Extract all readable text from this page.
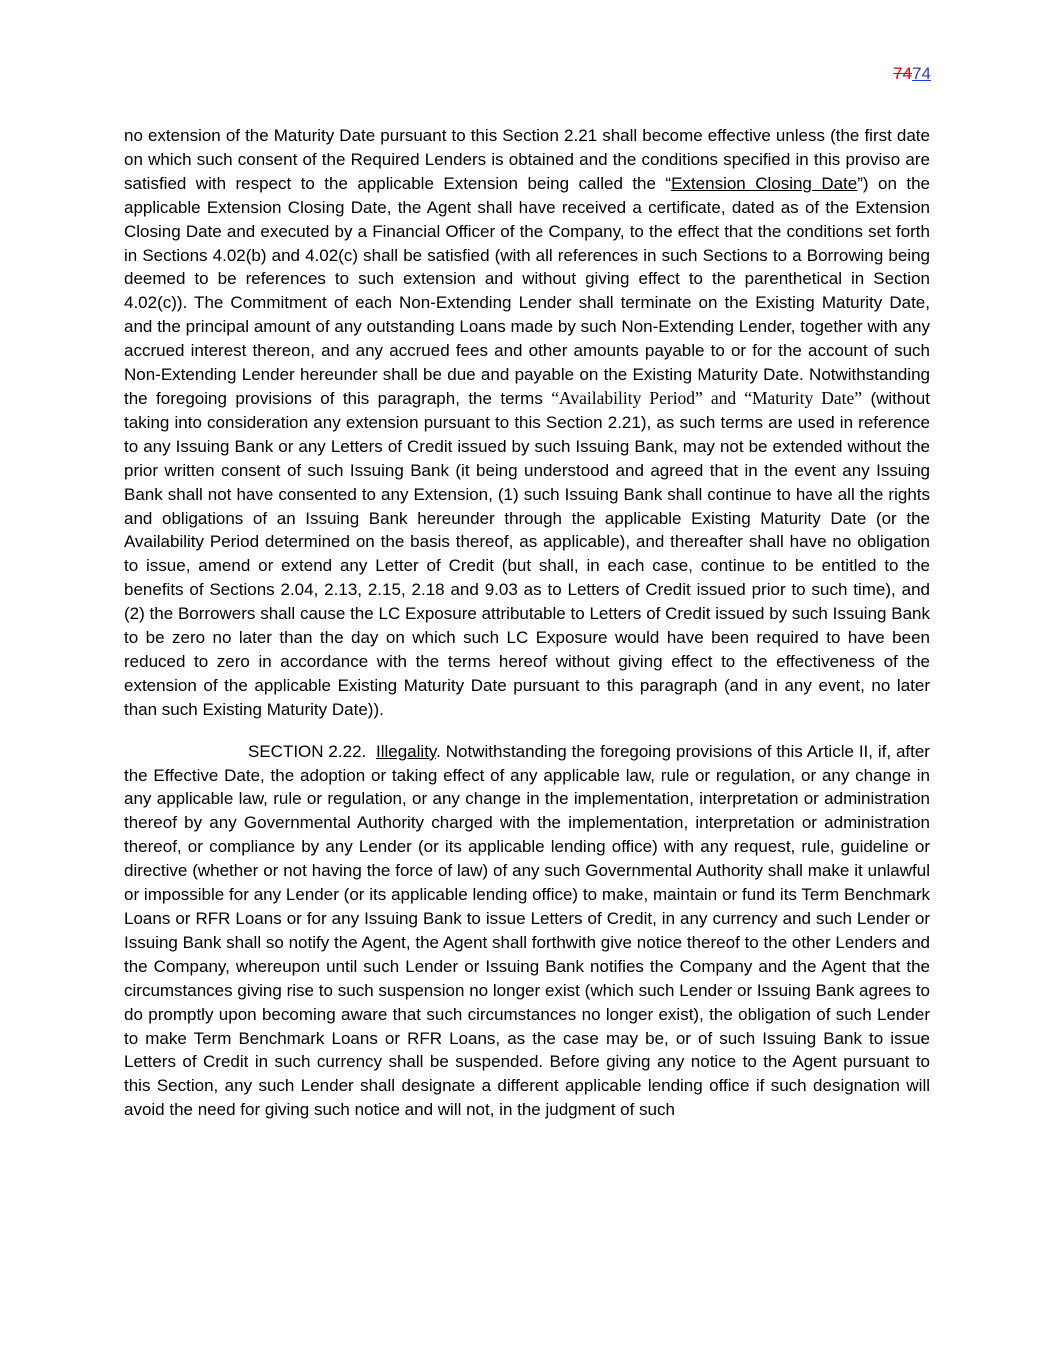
7474

no extension of the Maturity Date pursuant to this Section 2.21 shall become effective unless (the first date on which such consent of the Required Lenders is obtained and the conditions specified in this proviso are satisfied with respect to the applicable Extension being called the “Extension Closing Date”) on the applicable Extension Closing Date, the Agent shall have received a certificate, dated as of the Extension Closing Date and executed by a Financial Officer of the Company, to the effect that the conditions set forth in Sections 4.02(b) and 4.02(c) shall be satisfied (with all references in such Sections to a Borrowing being deemed to be references to such extension and without giving effect to the parenthetical in Section 4.02(c)). The Commitment of each Non-Extending Lender shall terminate on the Existing Maturity Date, and the principal amount of any outstanding Loans made by such Non-Extending Lender, together with any accrued interest thereon, and any accrued fees and other amounts payable to or for the account of such Non-Extending Lender hereunder shall be due and payable on the Existing Maturity Date. Notwithstanding the foregoing provisions of this paragraph, the terms “Availability Period” and “Maturity Date” (without taking into consideration any extension pursuant to this Section 2.21), as such terms are used in reference to any Issuing Bank or any Letters of Credit issued by such Issuing Bank, may not be extended without the prior written consent of such Issuing Bank (it being understood and agreed that in the event any Issuing Bank shall not have consented to any Extension, (1) such Issuing Bank shall continue to have all the rights and obligations of an Issuing Bank hereunder through the applicable Existing Maturity Date (or the Availability Period determined on the basis thereof, as applicable), and thereafter shall have no obligation to issue, amend or extend any Letter of Credit (but shall, in each case, continue to be entitled to the benefits of Sections 2.04, 2.13, 2.15, 2.18 and 9.03 as to Letters of Credit issued prior to such time), and (2) the Borrowers shall cause the LC Exposure attributable to Letters of Credit issued by such Issuing Bank to be zero no later than the day on which such LC Exposure would have been required to have been reduced to zero in accordance with the terms hereof without giving effect to the effectiveness of the extension of the applicable Existing Maturity Date pursuant to this paragraph (and in any event, no later than such Existing Maturity Date)).

SECTION 2.22. Illegality. Notwithstanding the foregoing provisions of this Article II, if, after the Effective Date, the adoption or taking effect of any applicable law, rule or regulation, or any change in any applicable law, rule or regulation, or any change in the implementation, interpretation or administration thereof by any Governmental Authority charged with the implementation, interpretation or administration thereof, or compliance by any Lender (or its applicable lending office) with any request, rule, guideline or directive (whether or not having the force of law) of any such Governmental Authority shall make it unlawful or impossible for any Lender (or its applicable lending office) to make, maintain or fund its Term Benchmark Loans or RFR Loans or for any Issuing Bank to issue Letters of Credit, in any currency and such Lender or Issuing Bank shall so notify the Agent, the Agent shall forthwith give notice thereof to the other Lenders and the Company, whereupon until such Lender or Issuing Bank notifies the Company and the Agent that the circumstances giving rise to such suspension no longer exist (which such Lender or Issuing Bank agrees to do promptly upon becoming aware that such circumstances no longer exist), the obligation of such Lender to make Term Benchmark Loans or RFR Loans, as the case may be, or of such Issuing Bank to issue Letters of Credit in such currency shall be suspended. Before giving any notice to the Agent pursuant to this Section, any such Lender shall designate a different applicable lending office if such designation will avoid the need for giving such notice and will not, in the judgment of such
